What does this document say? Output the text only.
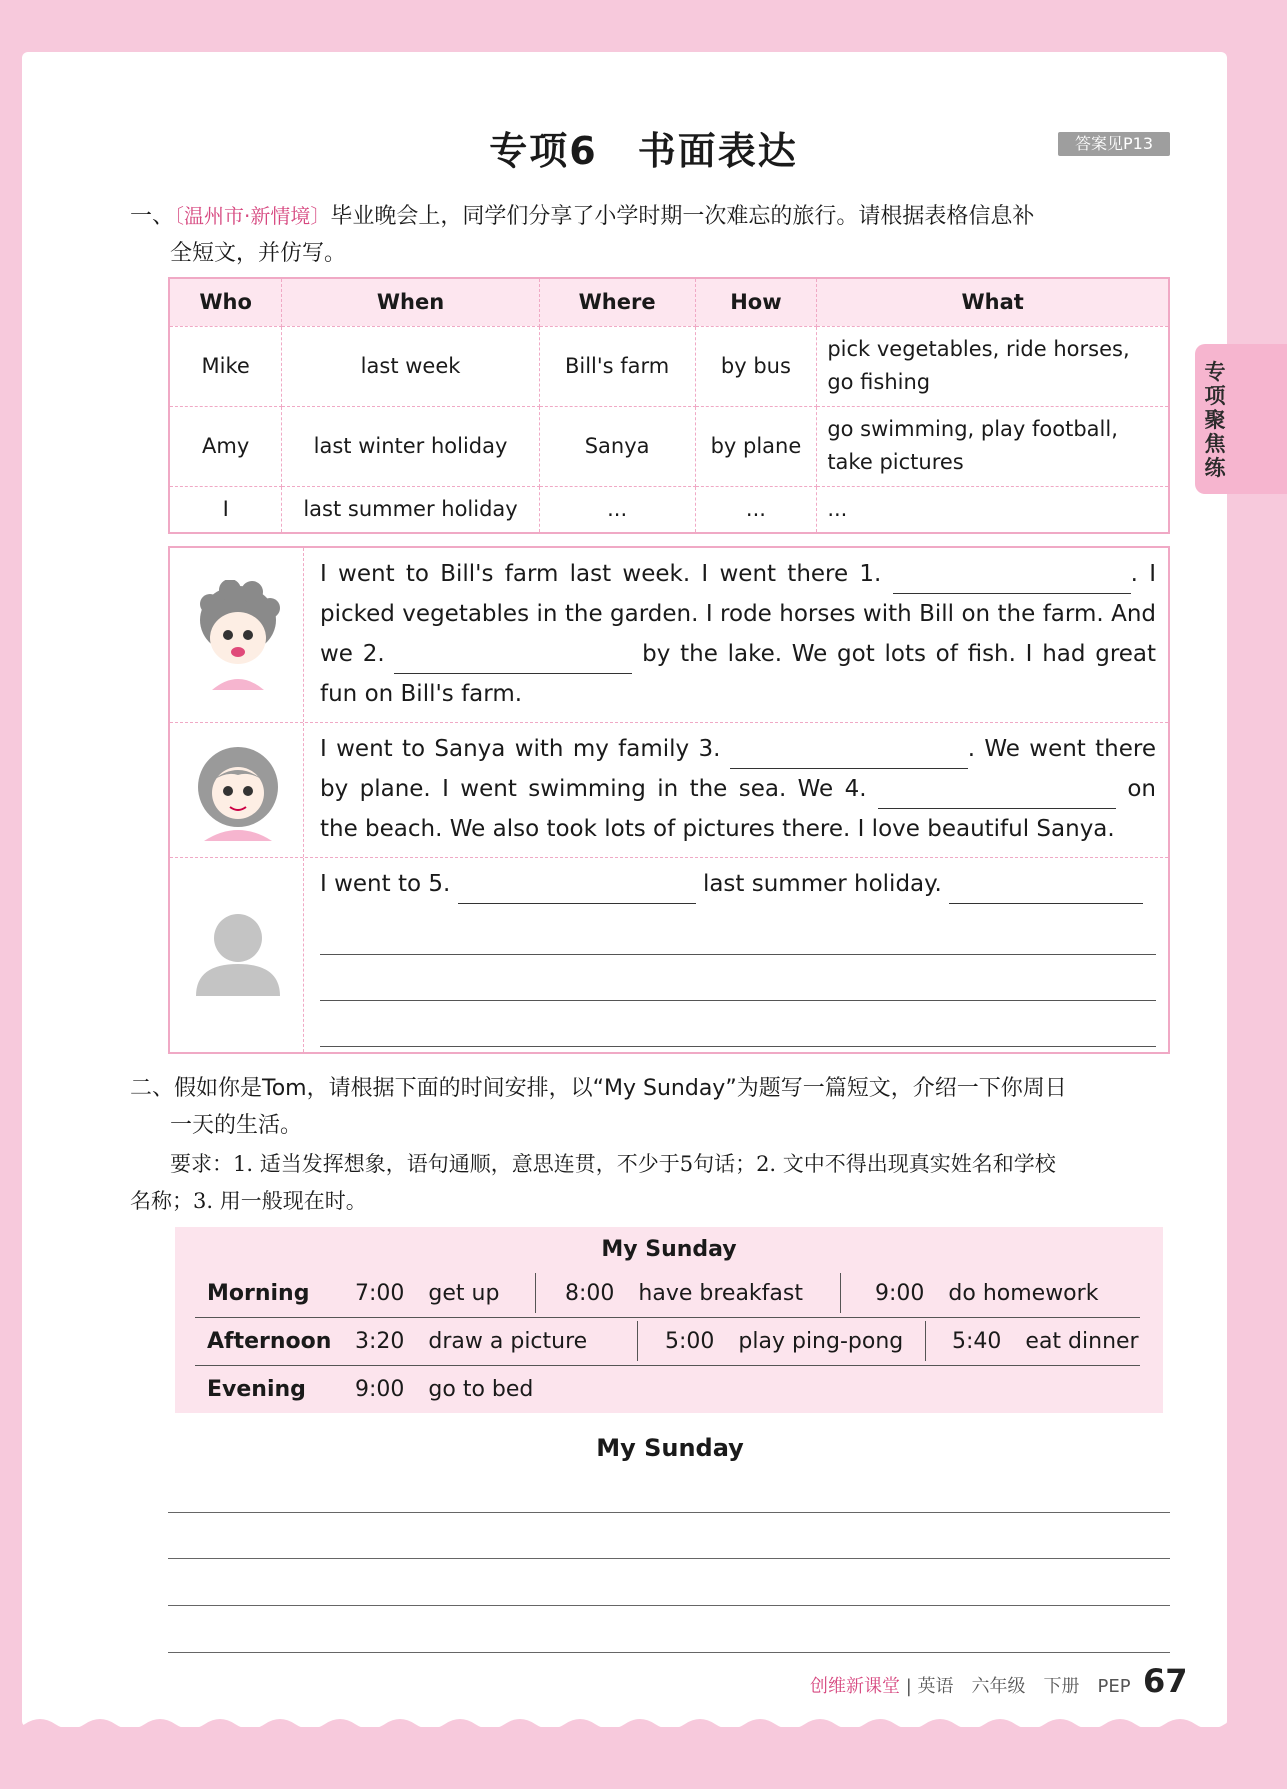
专项聚焦练
专项6　书面表达	答案见P13
一、〔温州市·新情境〕毕业晚会上，同学们分享了小学时期一次难忘的旅行。请根据表格信息补
全短文，并仿写。
Who	When	Where	How	What
Mike	last week	Bill's farm	by bus	pick vegetables, ride horses, go fishing
Amy	last winter holiday	Sanya	by plane	go swimming, play football, take pictures
I	last summer holiday	...	...	...
I went to Bill's farm last week. I went there 1.	. I picked vegetables in the garden. I rode horses with Bill on the farm. And we 2.	by the lake. We got lots of fish. I had great fun on Bill's farm.
I went to Sanya with my family 3.	. We went there by plane. I went swimming in the sea. We 4.	on the beach. We also took lots of pictures there. I love beautiful Sanya.
I went to 5.	last summer holiday.
二、假如你是Tom，请根据下面的时间安排，以“My Sunday”为题写一篇短文，介绍一下你周日
一天的生活。
要求：1. 适当发挥想象，语句通顺，意思连贯，不少于5句话；2. 文中不得出现真实姓名和学校
名称；3. 用一般现在时。
My Sunday
Morning 7:00 get up	8:00 have breakfast	9:00 do homework
Afternoon 3:20 draw a picture	5:00 play ping-pong 5:40 eat dinner
Evening 9:00 go to bed
My Sunday
创维新课堂 | 英语　六年级　下册　PEP 67
